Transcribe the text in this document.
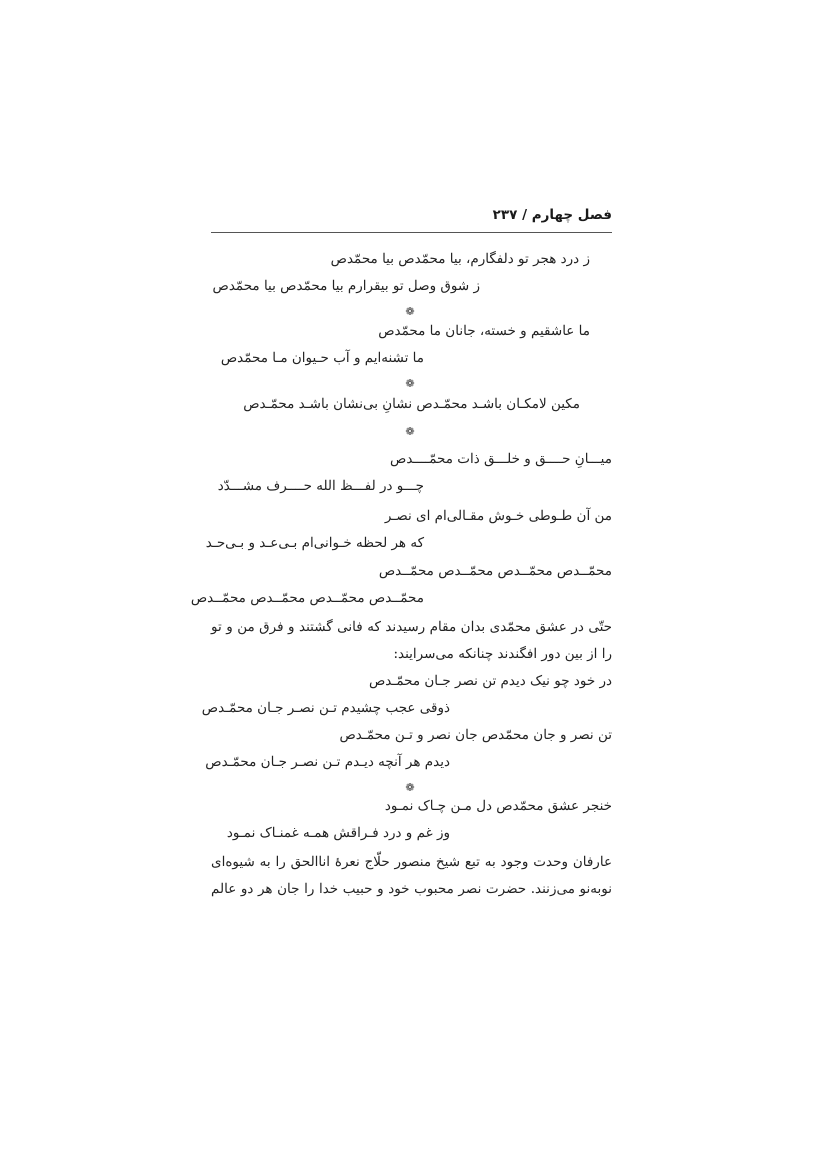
فصل چهارم / ۲۳۷
ز درد هجر تو دلفگارم، بیا محمّدص بیا محمّدص
ز شوق وصل تو بیقرارم بیا محمّدص بیا محمّدص
❁
ما عاشقیم و خسته، جانان ما محمّدص
ما تشنه‌ایم و آب حـیوان مـا محمّدص
❁
مکین لامکـان باشـد محمّـدص نشانِ بی‌نشان باشـد محمّـدص
❁
میـــانِ حــــق و خلـــق ذات محمّــــدص
چـــو در لفـــظ الله حــــرف مشـــدّد
من آن طـوطی خـوش مقـالی‌ام ای نصـر
که هر لحظه خـوانی‌ام بـی‌عـد و بـی‌حـد
محمّــدص محمّــدص محمّــدص محمّــدص
محمّــدص محمّــدص محمّــدص محمّــدص
حتّی در عشق محمّدی بدان مقام رسیدند که فانی گشتند و فرق من و تو
را از بین دور افگندند چنانکه می‌سرایند:
در خود چو نیک دیدم تن نصر جـان محمّـدص
ذوقی عجب چشیدم تـن نصـر جـان محمّـدص
تن نصر و جان محمّدص جان نصر و تـن محمّـدص
دیدم هر آنچه دیـدم تـن نصـر جـان محمّـدص
❁
خنجر عشق محمّدص دل مـن چـاک نمـود
وز غم و درد فـراقش همـه غمنـاک نمـود
عارفان وحدت وجود به تبع شیخ منصور حلّاج نعرۀ اناالحق را به شیوه‌ای
نوبه‌نو می‌زنند. حضرت نصر محبوب خود و حبیب خدا را جان هر دو عالم
